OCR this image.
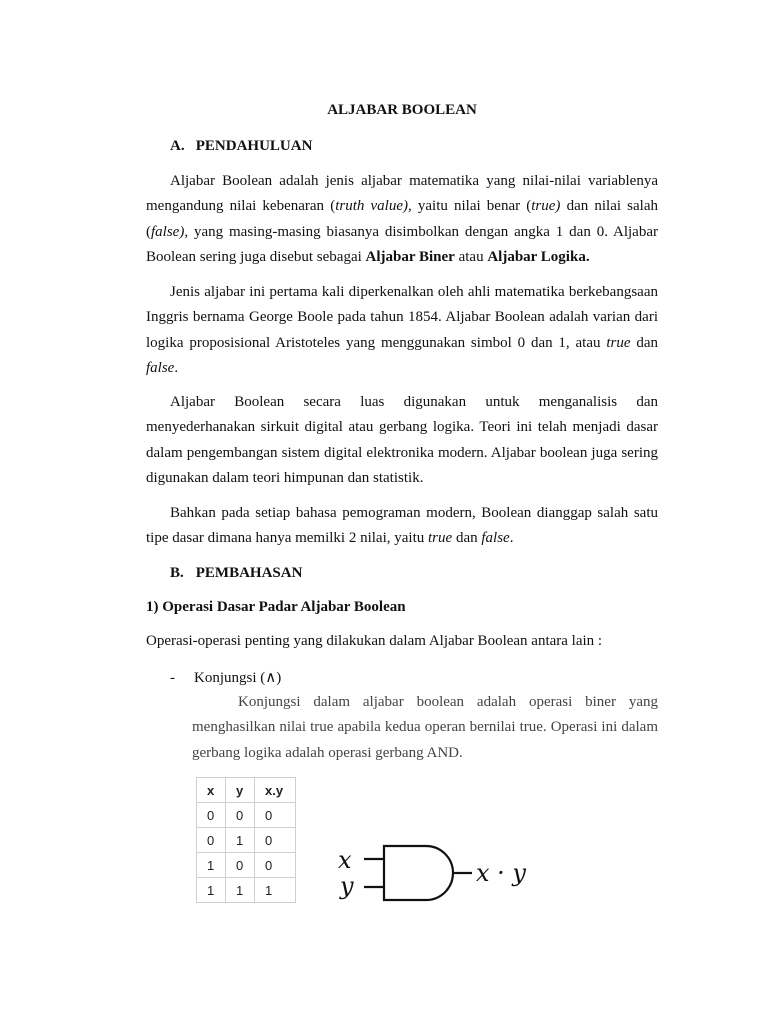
ALJABAR BOOLEAN
A. PENDAHULUAN

Aljabar Boolean adalah jenis aljabar matematika yang nilai-nilai variablenya mengandung nilai kebenaran (truth value), yaitu nilai benar (true) dan nilai salah (false), yang masing-masing biasanya disimbolkan dengan angka 1 dan 0. Aljabar Boolean sering juga disebut sebagai Aljabar Biner atau Aljabar Logika.

Jenis aljabar ini pertama kali diperkenalkan oleh ahli matematika berkebangsaan Inggris bernama George Boole pada tahun 1854. Aljabar Boolean adalah varian dari logika proposisional Aristoteles yang menggunakan simbol 0 dan 1, atau true dan false.

Aljabar Boolean secara luas digunakan untuk menganalisis dan menyederhanakan sirkuit digital atau gerbang logika. Teori ini telah menjadi dasar dalam pengembangan sistem digital elektronika modern. Aljabar boolean juga sering digunakan dalam teori himpunan dan statistik.

Bahkan pada setiap bahasa pemograman modern, Boolean dianggap salah satu tipe dasar dimana hanya memilki 2 nilai, yaitu true dan false.

B. PEMBAHASAN
1) Operasi Dasar Padar Aljabar Boolean
Operasi-operasi penting yang dilakukan dalam Aljabar Boolean antara lain :
- Konjungsi (∧)

Konjungsi dalam aljabar boolean adalah operasi biner yang menghasilkan nilai true apabila kedua operan bernilai true. Operasi ini dalam gerbang logika adalah operasi gerbang AND.

x	y	x.y
0	0	0
0	1	0
1	0	0
1	1	1
x
y	x · y
